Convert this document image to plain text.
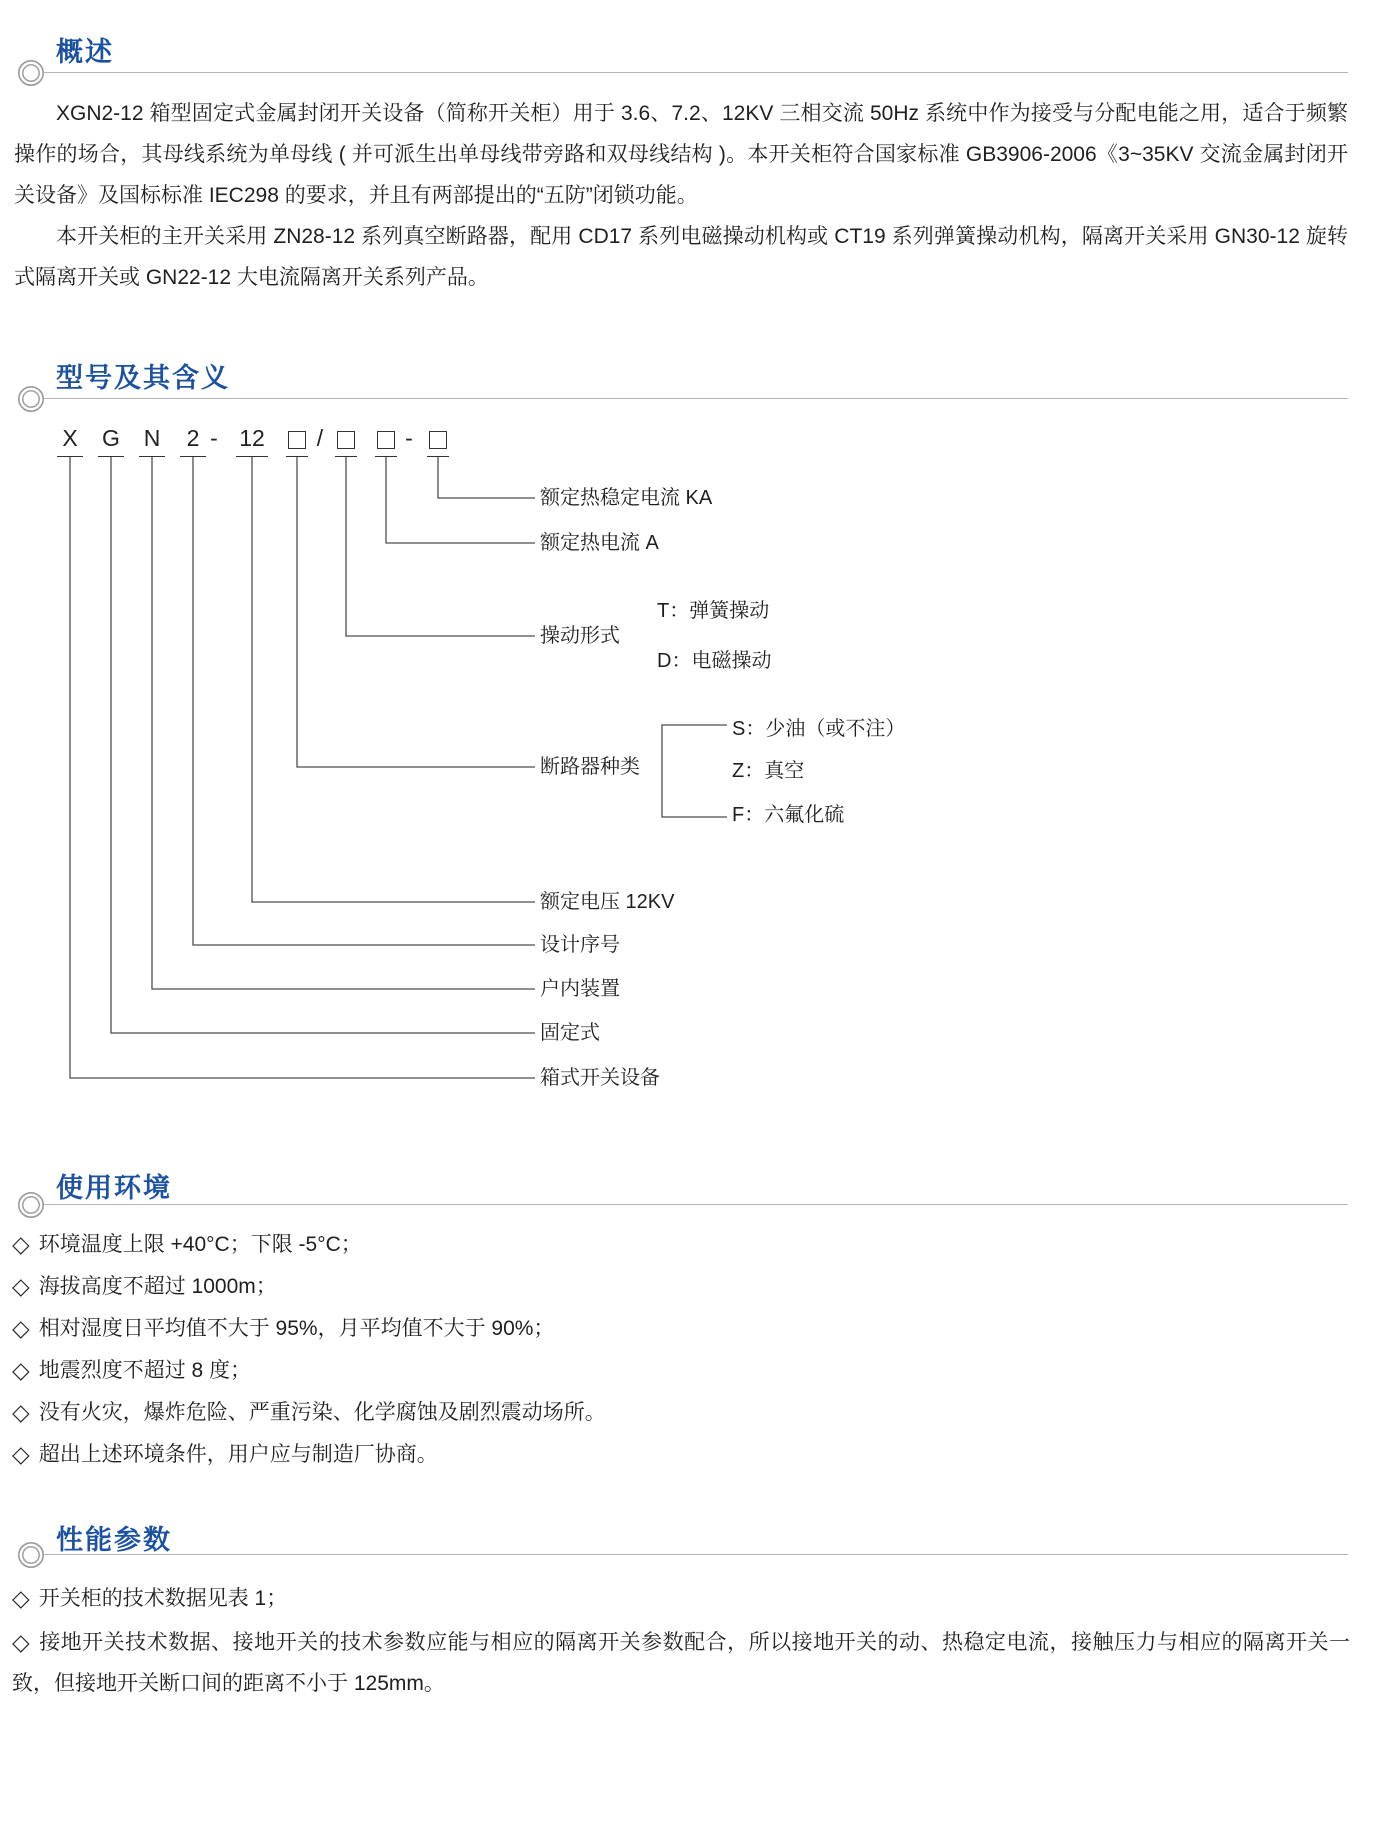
概述

XGN2-12 箱型固定式金属封闭开关设备（简称开关柜）用于 3.6、7.2、12KV 三相交流 50Hz 系统中作为接受与分配电能之用，适合于频繁操作的场合，其母线系统为单母线 ( 并可派生出单母线带旁路和双母线结构 )。本开关柜符合国家标准 GB3906-2006《3~35KV 交流金属封闭开关设备》及国标标准 IEC298 的要求，并且有两部提出的“五防”闭锁功能。

本开关柜的主开关采用 ZN28-12 系列真空断路器，配用 CD17 系列电磁操动机构或 CT19 系列弹簧操动机构，隔离开关采用 GN30-12 旋转式隔离开关或 GN22-12 大电流隔离开关系列产品。

型号及其含义
X G N 2 - 12 /	-
额定热稳定电流 KA
额定热电流 A
操动形式
T：弹簧操动
D：电磁操动
断路器种类
S：少油（或不注）
Z：真空
F：六氟化硫
额定电压 12KV
设计序号
户内装置
固定式
箱式开关设备
使用环境
◇ 环境温度上限 +40°C；下限 -5°C；
◇ 海拔高度不超过 1000m；
◇ 相对湿度日平均值不大于 95%，月平均值不大于 90%；
◇ 地震烈度不超过 8 度；
◇ 没有火灾，爆炸危险、严重污染、化学腐蚀及剧烈震动场所。
◇ 超出上述环境条件，用户应与制造厂协商。
性能参数
◇ 开关柜的技术数据见表 1；
◇ 接地开关技术数据、接地开关的技术参数应能与相应的隔离开关参数配合，所以接地开关的动、热稳定电流，接触压力与相应的隔离开关一致，但接地开关断口间的距离不小于 125mm。
